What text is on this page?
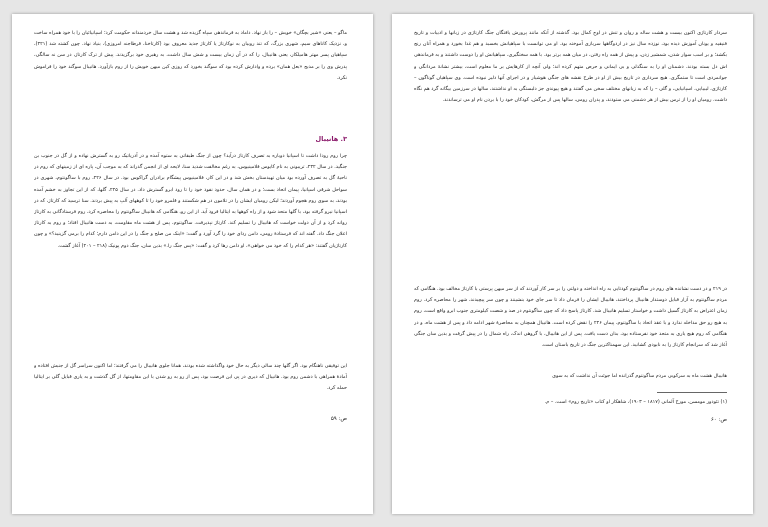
ماگو – یعنی «شیر بچگان» خویش – را باز نهاد. داماد به فرماندهی سپاه گزیده شد و هشت سال خردمندانه حکومت کرد؛ اسپانیائیان را با خود همراه ساخت و، نزدیک کاناهای سیم، شهری بزرگ، که تند روبیان به نوکارتاژ یا کارتاژ جدید معروف بود (کارتاخنا، قرطاجنه امروزی)، بنیاد نهاد. چون کشته شد (۴۲۱)، سپاهیان پسر مهتر هامیلکار، یعنی هانیبال، را که در آن زمان بیست و شش سال داشت، به رهبری خود برگزیدند. پیش از ترک کارتاژ، در سن نه سالگی، پدرش وی را بر مذبح «بعل همان» برده و وادارش کرده بود که سوگند بخورد که روزی کین میهن خویش را از روم بازآورد. هانیبال سوگند خود را فراموش نکرد.

۳. هانیبال

چرا روم رودا داشت تا اسپانیا دوباره به تصرف کارتاژ درآید؟ چون از جنگ طبقاتی به ستوه آمده و در آدریاتیک رو به گسترش نهاده و از گل در جنوب بن جنگید. در سال ۲۳۲، تریبونی به نام کایوس فلامینیوس، به رغم مخالفت شدید سنا، لایحه ای از انجمن گذراند که به موجب آن، پاره ای از زمینهای که روم در ناحیۀ گل به تصرف آورده بود میان تهیدستان بخش شد و در این کار، فلامینیوس پیشگام برادران گراکوس بود. در سال ۲۲۶، روم با ساگونتوم، شهری در سواحل شرقی اسپانیا، پیمان اتحاد بست؛ و در همان سال، حدود نفوذ خود را تا رود ابرو گسترش داد. در سال ۲۲۵، گلها، که از این تجاوز به خشم آمده بودند، به سوی روم هجوم آوردند؛ لیکن رومیان ایشان را در تلامون در هم شکستند و قلمرو خود را تا کوههای آلپ به پیش بردند. سنا ترسید که کارتاژ، که در اسپانیا نیرو گرفته بود، با گلها متحد شود و از راه کوهها به ایتالیا فرود آید. از این رو، هنگامی که هانیبال ساگونتوم را محاصره کرد، روم فرستادگانی به کارتاژ روانه کرد و از آن دولت خواست که هانیبال را تسلیم کند. کارتاژ نپذیرفت. ساگونتوم، پس از هشت ماه مقاومت، به دست هانیبال افتاد؛ و روم به کارتاژ اعلان جنگ داد. گفته اند که فرستادۀ رومی، دامن ردای خود را گرد آورد و گفت: «اینک من صلح و جنگ را در این دامن دارم؛ کدام را برمی گزینید؟» و چون کارتاژیان گفتند: «هر کدام را که خود می خواهی»، او دامن رها کرد و گفت: «پس جنگ را.» بدین سان، جنگ دوم پونیک (۲۱۸ – ۲۰۱) آغاز گشت.

این توفیقی ناهنگام بود. اگر گلها چند سالی دیگر به حال خود واگذاشته شده بودند، همانا جلوی هانیبال را می گرفتند؛ اما اکنون سراسر گل از جنبش افتاده و آمادۀ همراهی با دشمن روم بود. هانیبال که دیری در پی این فرصت بود، پس از رو به رو شدن با این مقاومتها، از گل گذشت و به یاری قبایل گلی بر ایتالیا حمله کرد.

ص: ۵۹

سردار کارتاژی اکنون بیست و هشت ساله و روان و تنش در اوج کمال بود. گذشته از آنکه مانند پرورش یافتگان جنگ کارتاژی در زبانها و ادبیات و تاریخ فنیقیه و یونان آموزش دیده بود، نوزده سال نیز در اردوگاهها سربازی آموخته بود. او می توانست با سپاهیانش بخسبد و هم غذا بخورد و همراه آنان رنج بکشد؛ و بر اسب سوار شدن، شمشیر زدن، و پیش از همه راه رفتن، در میان همه برتر بود. با همه سختگیری، سپاهیانش او را دوست داشتند و به فرماندهی اش دل بسته بودند. دشمنان او را به سنگدلی و بی ایمانی و حرص متهم کرده اند؛ ولی آنچه از کارهایش بر ما معلوم است، بیشتر نشانۀ مردانگی و جوانمردی است تا ستمگری. هیچ سرداری در تاریخ بیش از او در طرح نقشه های جنگی هوشیار و در اجرای آنها دلیر نبوده است. وی سپاهیان گوناگون – کارتاژی، لیبیایی، اسپانیایی، و گلی – را که به زبانهای مختلف سخن می گفتند و هیچ پیوندی جز دلبستگی به او نداشتند، سالها در سرزمین بیگانه گرد هم نگاه داشت. رومیان او را از ترس بیش از هر دشمنی می ستودند، و پدران رومی، سالها پس از مرگش، کودکان خود را با بردن نام او می ترساندند.

در ۲۱۹ و در دست نشانده های روم در ساگونتوم کودتایی به راه انداخته و دولتی را بر سر کار آوردند که از سر میهن پرستی با کارتاژ مخالف بود. هنگامی که مردم ساگونتوم به آزار قبایل دوستدار هانیبال پرداختند، هانیبال ایشان را فرمان داد تا سر جای خود بنشینند و چون سر پیچیدند، شهر را محاصره کرد. روم زمان اعتراض به کارتاژ گسیل داشت و خواستار تسلیم هانیبال شد. کارتاژ پاسخ داد که چون ساگونتوم در صد و شصت کیلومتری جنوب ابرو واقع است، روم به هیچ رو حق مداخله ندارد و با عقد اتحاد با ساگونتوم، پیمان ۲۲۶ را نقض کرده است. هانیبال همچنان به محاصرۀ شهر ادامه داد و پس از هشت ماه، و در هنگامی که روم هیچ یاری به متحد خود نفرستاده بود، بدان دست یافت. پس از این هانیبال، با گروهی اندک، راه شمال را در پیش گرفت و بدین سان جنگی آغاز شد که سرانجام کارتاژ را به نابودی کشانید. این سهمناکترین جنگ در تاریخ باستان است.

هانیبال هشت ماه به سرکوبی مردم ساگونتوم گذرانده اما جوئت آن نداشت که به سوی

(۱) تئودور مومسن، مورخ آلمانی (۱۸۱۷ – ۱۹۰۳)، شاهکار او کتاب «تاریخ روم» است. – م.

ص: ۶۰
